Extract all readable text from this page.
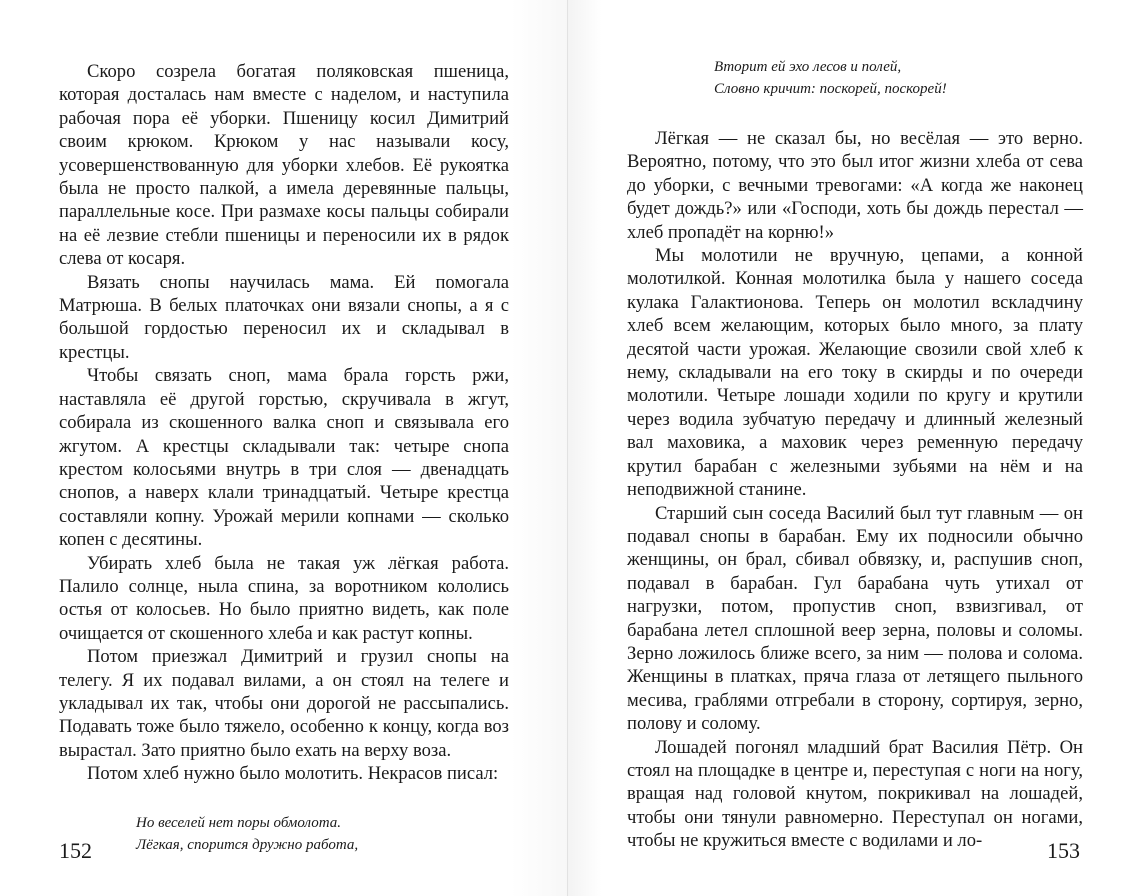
Скоро созрела богатая поляковская пшеница, которая досталась нам вместе с наделом, и наступила рабочая пора её уборки. Пшеницу косил Димитрий своим крюком. Крюком у нас называли косу, усовершенствованную для уборки хлебов. Её рукоятка была не просто палкой, а имела деревянные пальцы, параллельные косе. При размахе косы пальцы собирали на её лезвие стебли пшеницы и переносили их в рядок слева от косаря.

Вязать снопы научилась мама. Ей помогала Матрюша. В белых платочках они вязали снопы, а я с большой гордостью переносил их и складывал в крестцы.

Чтобы связать сноп, мама брала горсть ржи, наставляла её другой горстью, скручивала в жгут, собирала из скошенного валка сноп и связывала его жгутом. А крестцы складывали так: четыре снопа крестом колосьями внутрь в три слоя — двенадцать снопов, а наверх клали тринадцатый. Четыре крестца составляли копну. Урожай мерили копнами — сколько копен с десятины.

Убирать хлеб была не такая уж лёгкая работа. Палило солнце, ныла спина, за воротником кололись остья от колосьев. Но было приятно видеть, как поле очищается от скошенного хлеба и как растут копны.

Потом приезжал Димитрий и грузил снопы на телегу. Я их подавал вилами, а он стоял на телеге и укладывал их так, чтобы они дорогой не рассыпались. Подавать тоже было тяжело, особенно к концу, когда воз вырастал. Зато приятно было ехать на верху воза.

Потом хлеб нужно было молотить. Некрасов писал:

Но веселей нет поры обмолота.
Лёгкая, спорится дружно работа,
152
Вторит ей эхо лесов и полей,
Словно кричит: поскорей, поскорей!

Лёгкая — не сказал бы, но весёлая — это верно. Вероятно, потому, что это был итог жизни хлеба от сева до уборки, с вечными тревогами: «А когда же наконец будет дождь?» или «Господи, хоть бы дождь перестал — хлеб пропадёт на корню!»

Мы молотили не вручную, цепами, а конной молотилкой. Конная молотилка была у нашего соседа кулака Галактионова. Теперь он молотил вскладчину хлеб всем желающим, которых было много, за плату десятой части урожая. Желающие свозили свой хлеб к нему, складывали на его току в скирды и по очереди молотили. Четыре лошади ходили по кругу и крутили через водила зубчатую передачу и длинный железный вал маховика, а маховик через ременную передачу крутил барабан с железными зубьями на нём и на неподвижной станине.

Старший сын соседа Василий был тут главным — он подавал снопы в барабан. Ему их подносили обычно женщины, он брал, сбивал обвязку, и, распушив сноп, подавал в барабан. Гул барабана чуть утихал от нагрузки, потом, пропустив сноп, взвизгивал, от барабана летел сплошной веер зерна, половы и соломы. Зерно ложилось ближе всего, за ним — полова и солома. Женщины в платках, пряча глаза от летящего пыльного месива, граблями отгребали в сторону, сортируя, зерно, полову и солому.

Лошадей погонял младший брат Василия Пётр. Он стоял на площадке в центре и, переступая с ноги на ногу, вращая над головой кнутом, покрикивал на лошадей, чтобы они тянули равномерно. Переступал он ногами, чтобы не кружиться вместе с водилами и ло-	153
